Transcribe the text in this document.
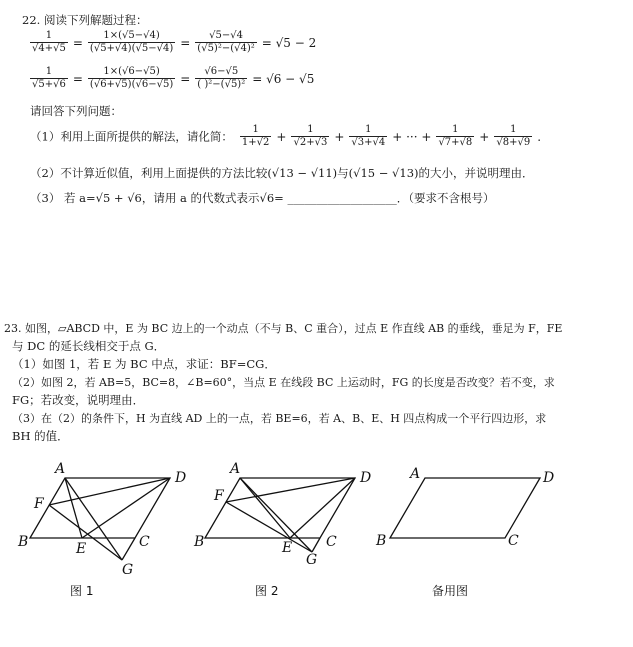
22. 阅读下列解题过程：
$\frac{1}{√4+√5} = \frac{1\times(√5-√4)}{(√5+√4)(√5-√4)} = \frac{√5-√4}{\text{(√5)²−(√4)²}} = √5 - 2$
$\frac{1}{√5+√6} = \frac{1\times(√6-√5)}{(√6+√5)(√6-√5)} = \frac{√6-√5}{\text{( )²−(√5)²}} = √6 - √5$
请回答下列问题：
（1）利用上面所提供的解法，请化简： $\frac{1}{1+√2} + \frac{1}{√2+√3} + \frac{1}{√3+√4}$ + ··· + $\frac{1}{√7+√8} + \frac{1}{√8+√9}$ .
（2）不计算近似值，利用上面提供的方法比较(√13 − √11)与(√15 − √13)的大小，并说明理由．
（3） 若 a=√5 + √6，请用 a 的代数式表示√6= ___________________．（要求不含根号）
23. 如图，▱ABCD 中，E 为 BC 边上的一个动点（不与 B、C 重合），过点 E 作直线 AB 的垂线，垂足为 F，FE
与 DC 的延长线相交于点 G．
（1）如图 1，若 E 为 BC 中点，求证：BF=CG．
（2）如图 2，若 AB=5，BC=8，∠B=60°，当点 E 在线段 BC 上运动时，FG 的长度是否改变？若不变，求
FG；若改变，说明理由．
（3）在（2）的条件下，H 为直线 AD 上的一点，若 BE=6，若 A、B、E、H 四点构成一个平行四边形，求
BH 的值．
A
D
F
B	E	C
G
图 1
A
D
F
B	E C
G
图 2
A	D
B	C
备用图
